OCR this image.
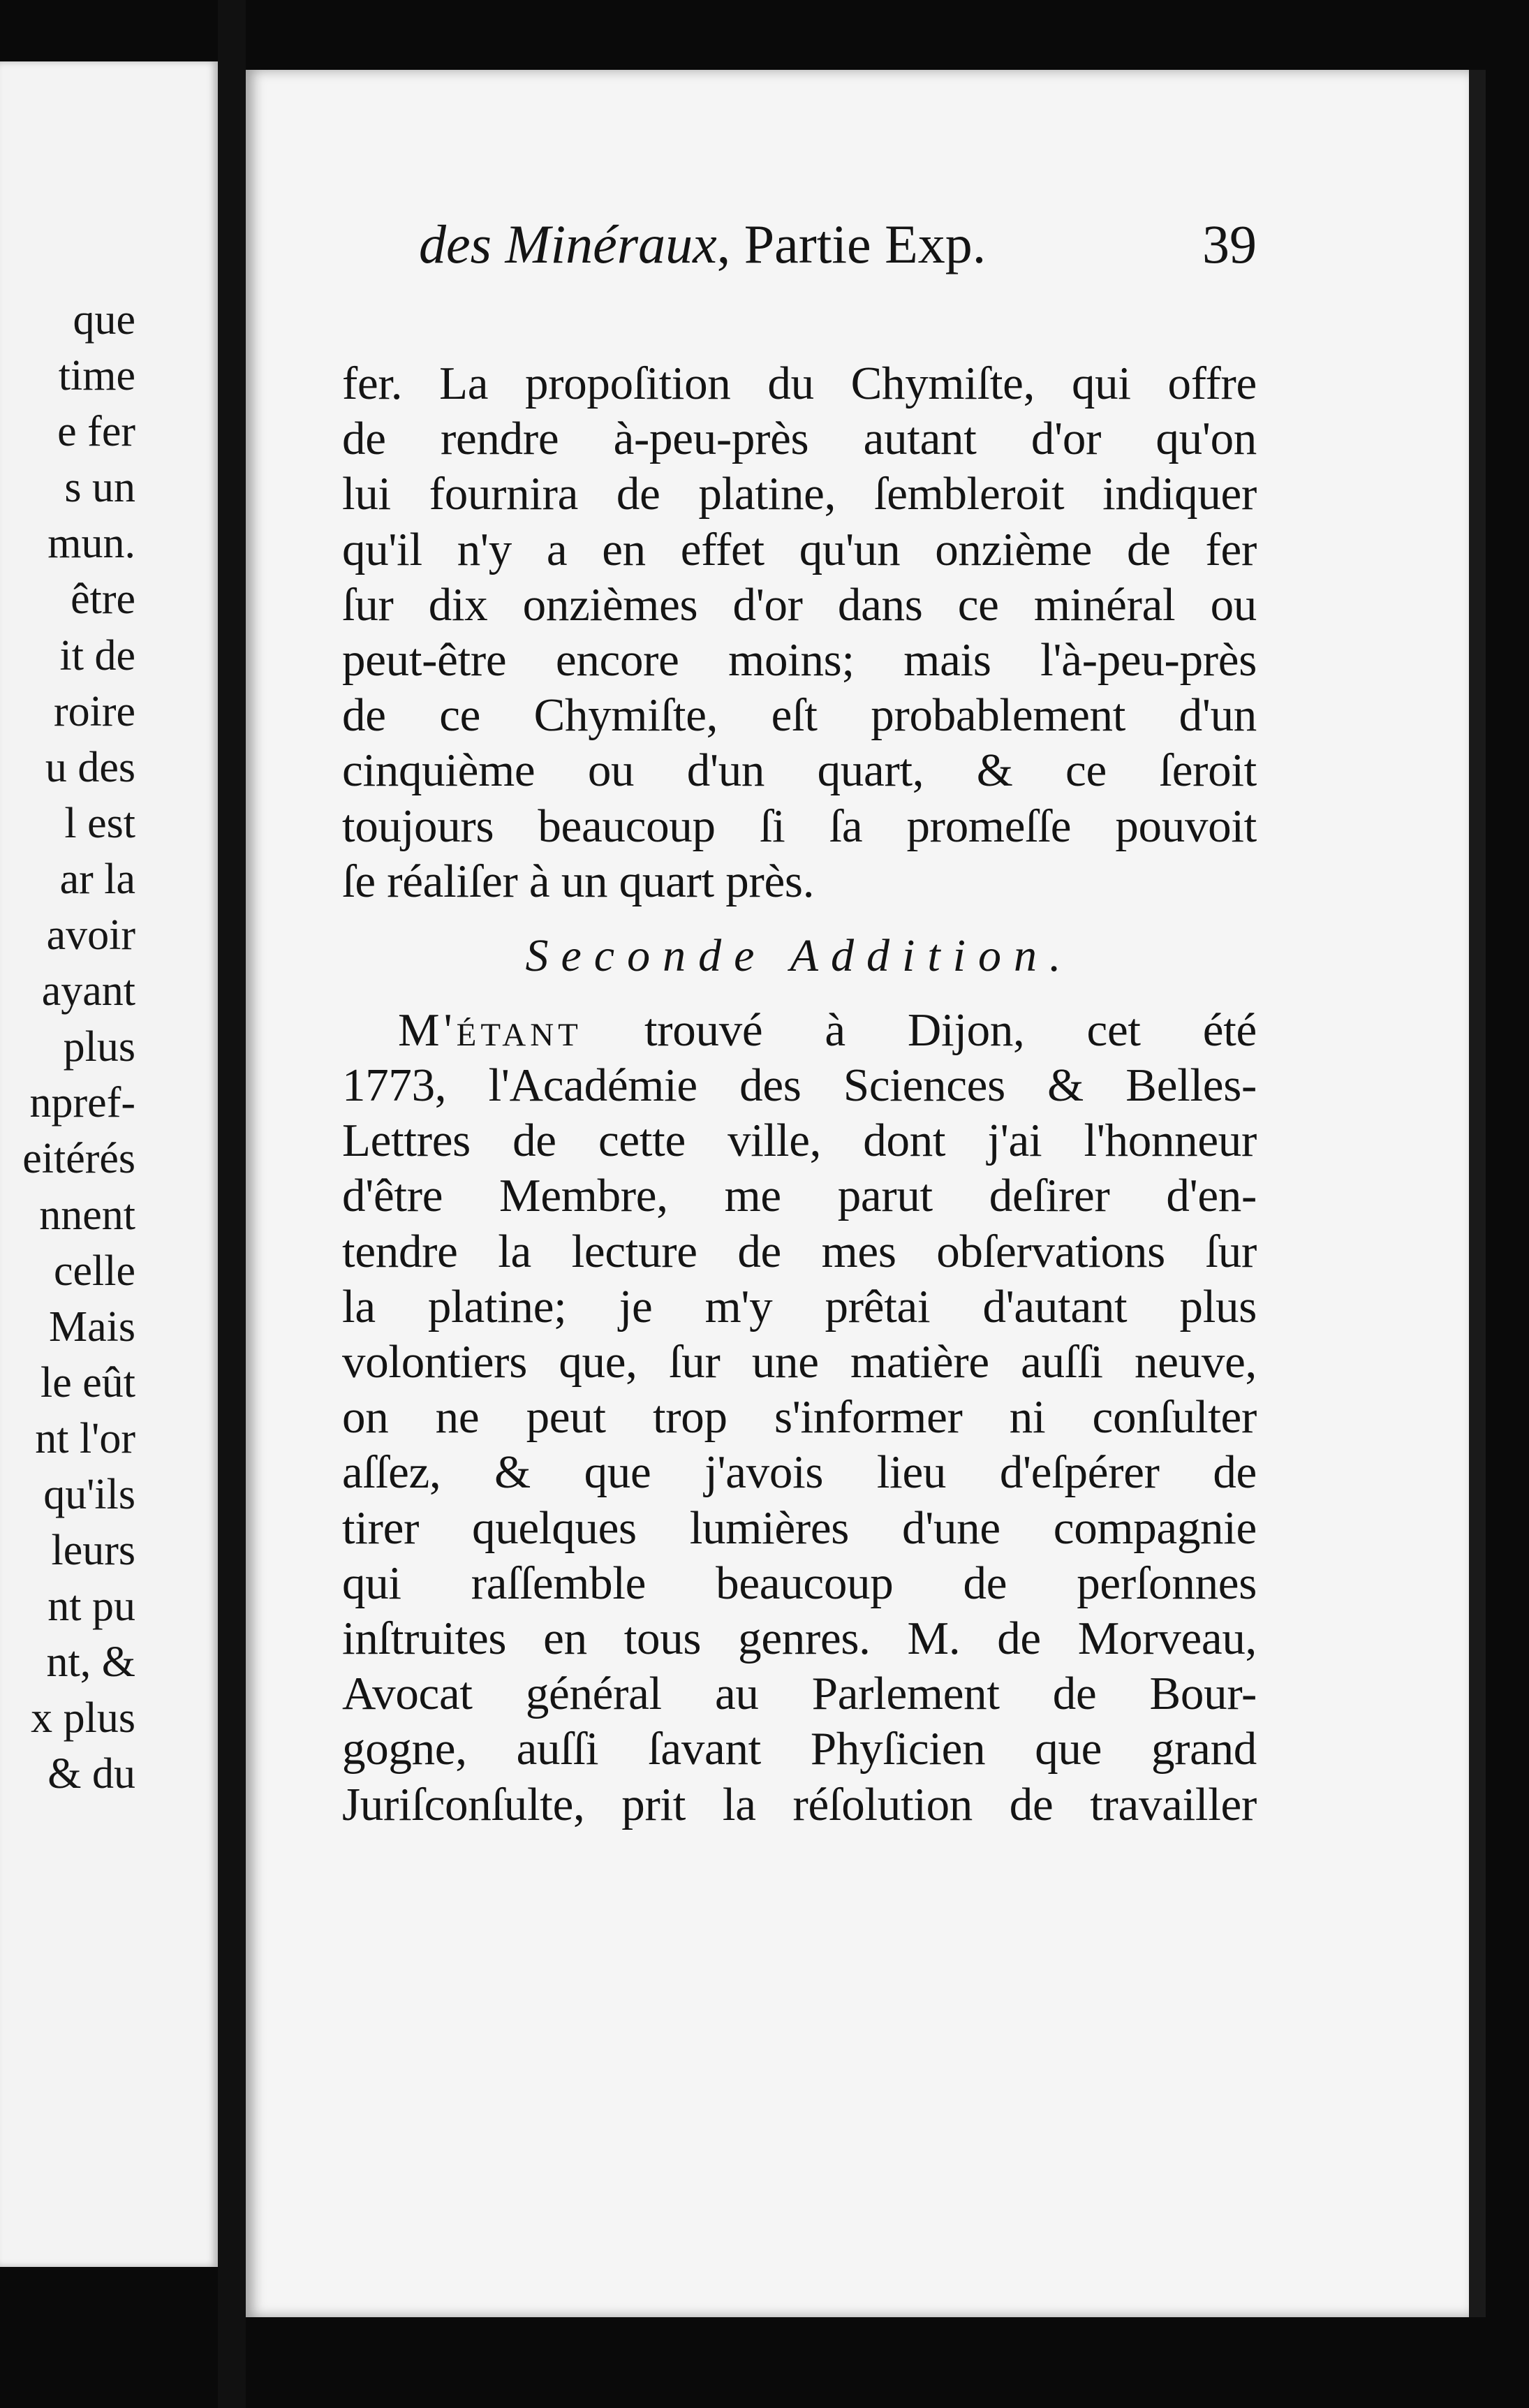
que
time
e fer
s un
mun.
être
it de
roire
u des
l est
ar la
avoir
ayant
plus
npref-
eitérés
nnent
celle
Mais
le eût
nt l'or
qu'ils
leurs
nt pu
nt, &
x plus
& du
des Minéraux, Partie Exp.	39
fer. La propoſition du Chymiſte, qui offre
de rendre à-peu-près autant d'or qu'on
lui fournira de platine, ſembleroit indiquer
qu'il n'y a en effet qu'un onzième de fer
ſur dix onzièmes d'or dans ce minéral ou
peut-être encore moins; mais l'à-peu-près
de ce Chymiſte, eſt probablement d'un
cinquième ou d'un quart, & ce ſeroit
toujours beaucoup ſi ſa promeſſe pouvoit
ſe réaliſer à un quart près.
Seconde Addition.
M'étant trouvé à Dijon, cet été
1773, l'Académie des Sciences & Belles-
Lettres de cette ville, dont j'ai l'honneur
d'être Membre, me parut deſirer d'en-
tendre la lecture de mes obſervations ſur
la platine; je m'y prêtai d'autant plus
volontiers que, ſur une matière auſſi neuve,
on ne peut trop s'informer ni conſulter
aſſez, & que j'avois lieu d'eſpérer de
tirer quelques lumières d'une compagnie
qui raſſemble beaucoup de perſonnes
inſtruites en tous genres. M. de Morveau,
Avocat général au Parlement de Bour-
gogne, auſſi ſavant Phyſicien que grand
Juriſconſulte, prit la réſolution de travailler
